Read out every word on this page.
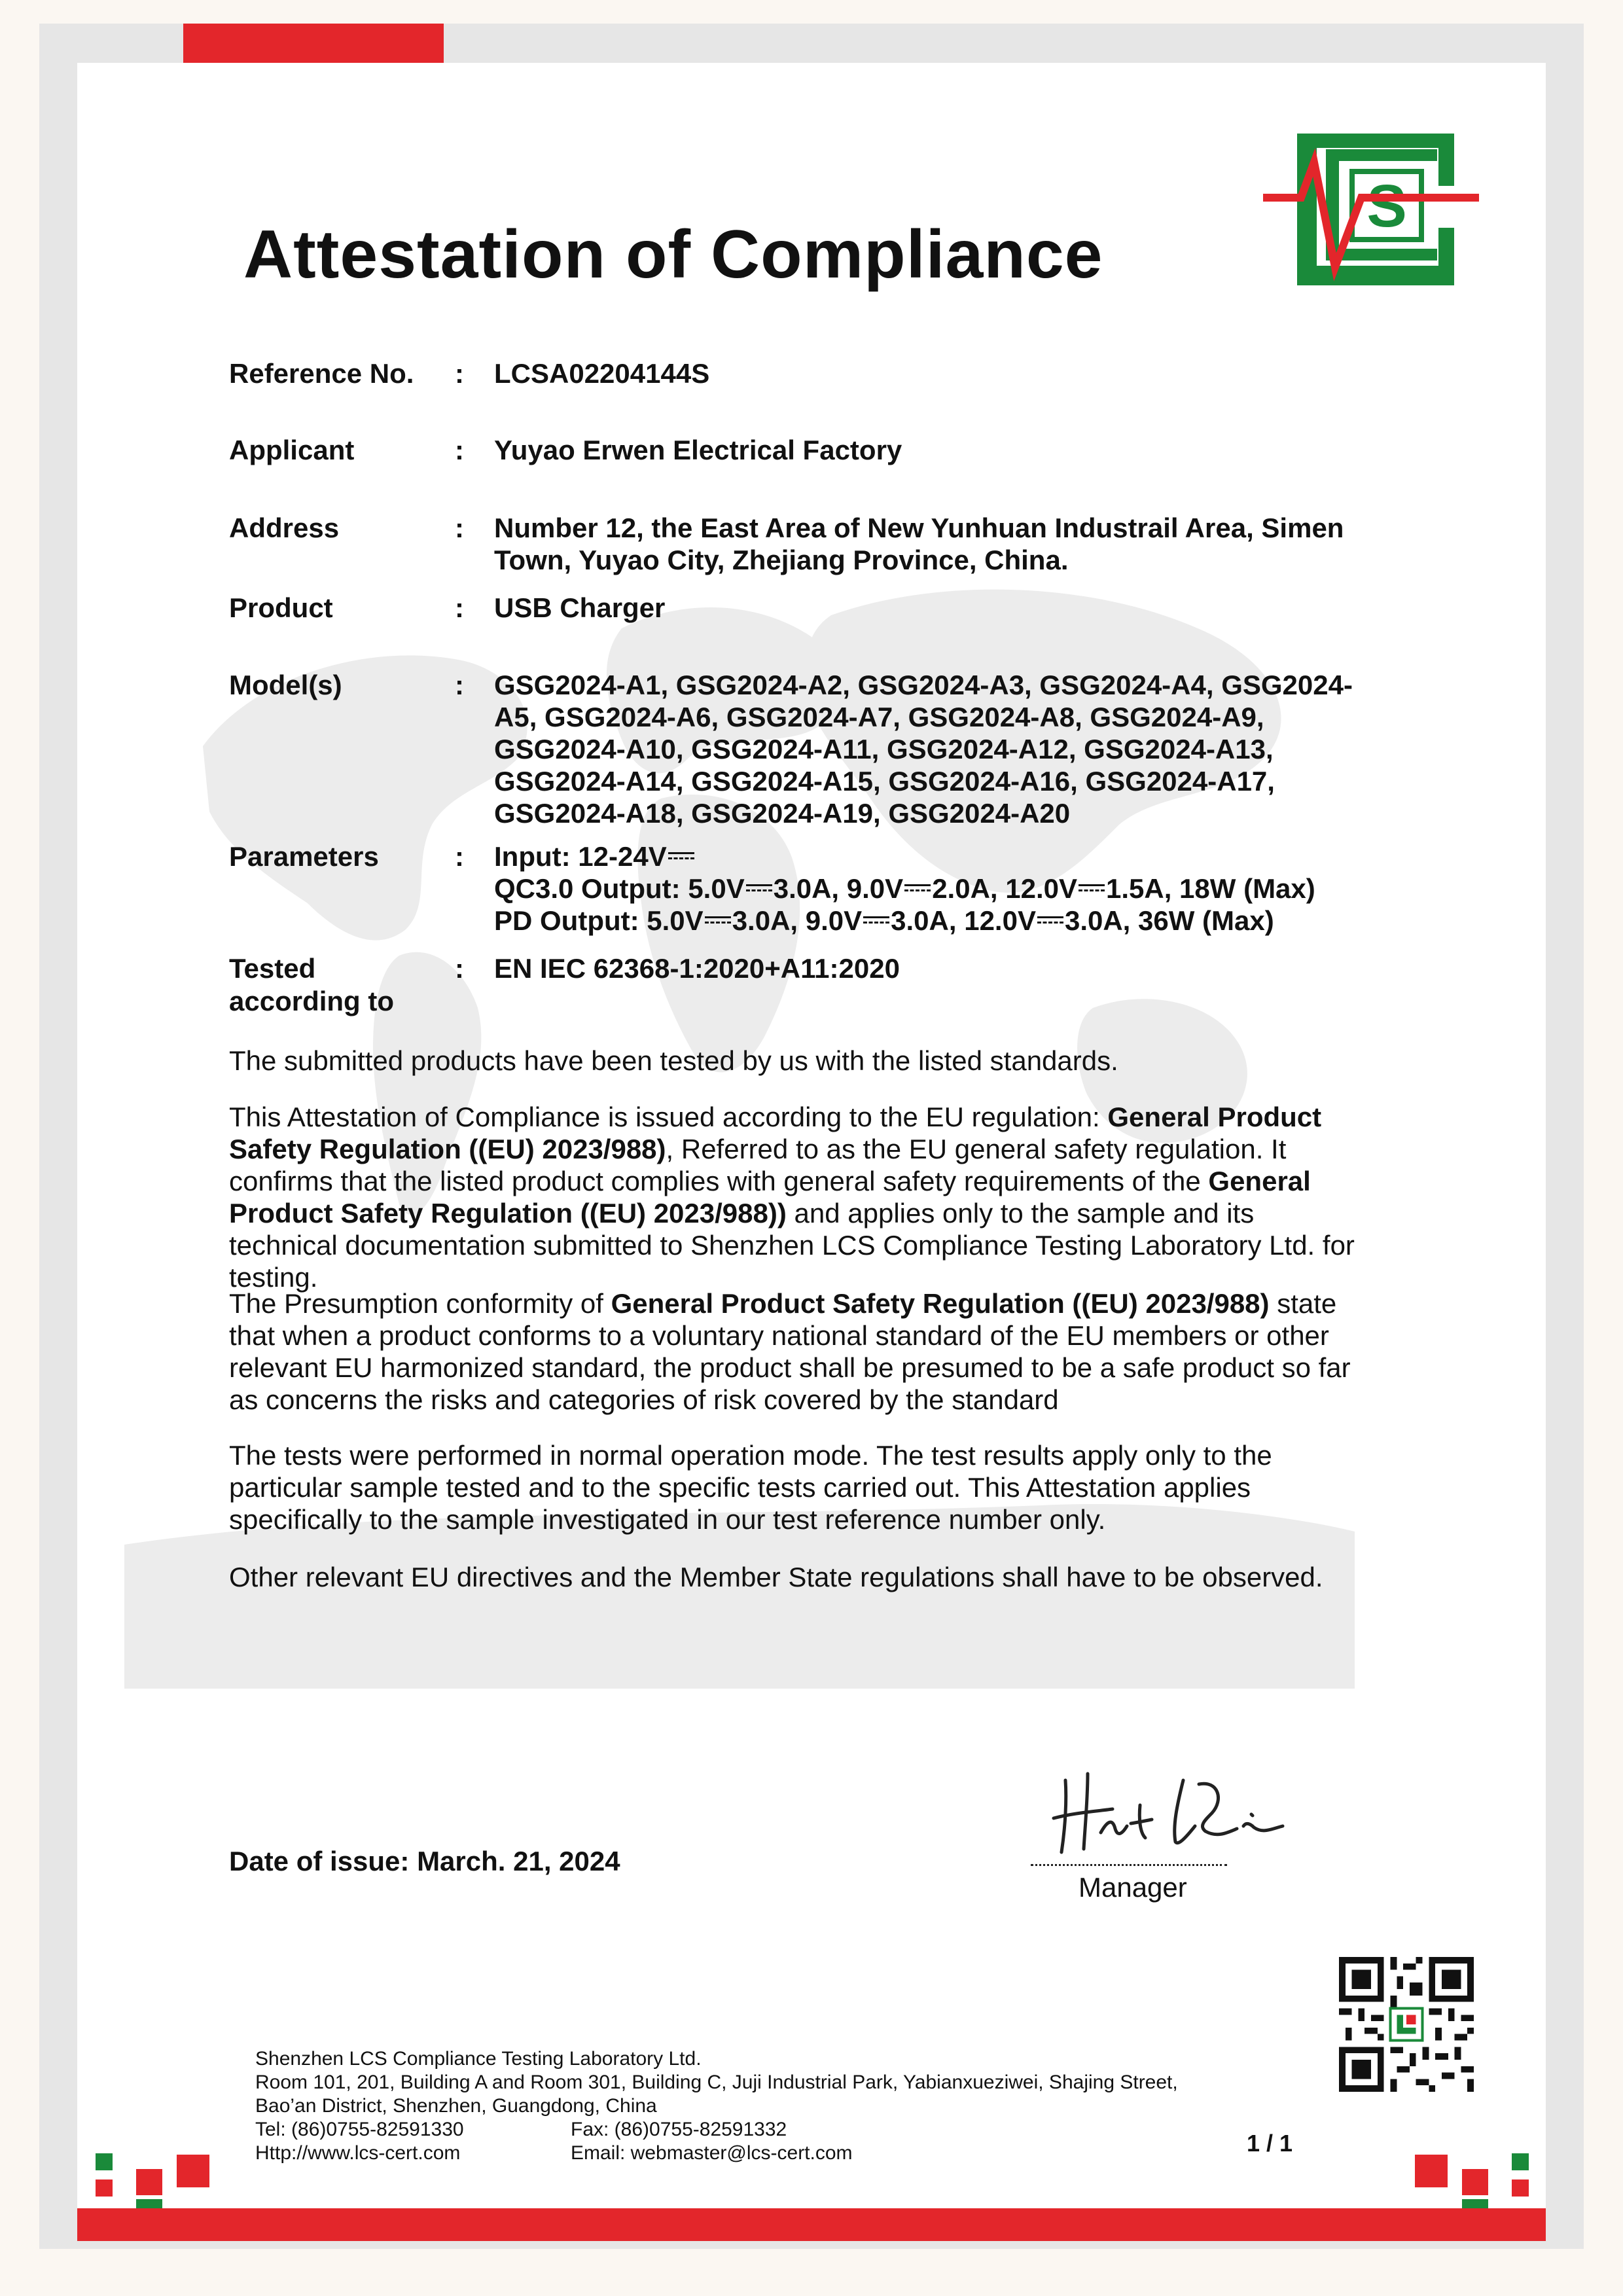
Attestation of Compliance
S
Reference No. : LCSA02204144S
Applicant	: Yuyao Erwen Electrical Factory
Address	: Number 12, the East Area of New Yunhuan Industrail Area, Simen
Town, Yuyao City, Zhejiang Province, China.
Product	: USB Charger
Model(s)	: GSG2024-A1, GSG2024-A2, GSG2024-A3, GSG2024-A4, GSG2024-
A5, GSG2024-A6, GSG2024-A7, GSG2024-A8, GSG2024-A9,
GSG2024-A10, GSG2024-A11, GSG2024-A12, GSG2024-A13,
GSG2024-A14, GSG2024-A15, GSG2024-A16, GSG2024-A17,
GSG2024-A18, GSG2024-A19, GSG2024-A20
Parameters	: Input: 12-24V
QC3.0 Output: 5.0V 3.0A, 9.0V 2.0A, 12.0V 1.5A, 18W (Max)
PD Output: 5.0V 3.0A, 9.0V 3.0A, 12.0V 3.0A, 36W (Max)
Tested
according to
: EN IEC 62368-1:2020+A11:2020
The submitted products have been tested by us with the listed standards.
This Attestation of Compliance is issued according to the EU regulation: General Product Safety Regulation ((EU) 2023/988), Referred to as the EU general safety regulation. It confirms that the listed product complies with general safety requirements of the General Product Safety Regulation ((EU) 2023/988)) and applies only to the sample and its technical documentation submitted to Shenzhen LCS Compliance Testing Laboratory Ltd. for testing.
The Presumption conformity of General Product Safety Regulation ((EU) 2023/988) state that when a product conforms to a voluntary national standard of the EU members or other relevant EU harmonized standard, the product shall be presumed to be a safe product so far as concerns the risks and categories of risk covered by the standard
The tests were performed in normal operation mode. The test results apply only to the particular sample tested and to the specific tests carried out. This Attestation applies specifically to the sample investigated in our test reference number only.
Other relevant EU directives and the Member State regulations shall have to be observed.
Date of issue: March. 21, 2024
Manager
Shenzhen LCS Compliance Testing Laboratory Ltd.
Room 101, 201, Building A and Room 301, Building C, Juji Industrial Park, Yabianxueziwei, Shajing Street,
Bao’an District, Shenzhen, Guangdong, China
Tel: (86)0755-82591330	Fax: (86)0755-82591332
Http://www.lcs-cert.com	Email: webmaster@lcs-cert.com	1 / 1
